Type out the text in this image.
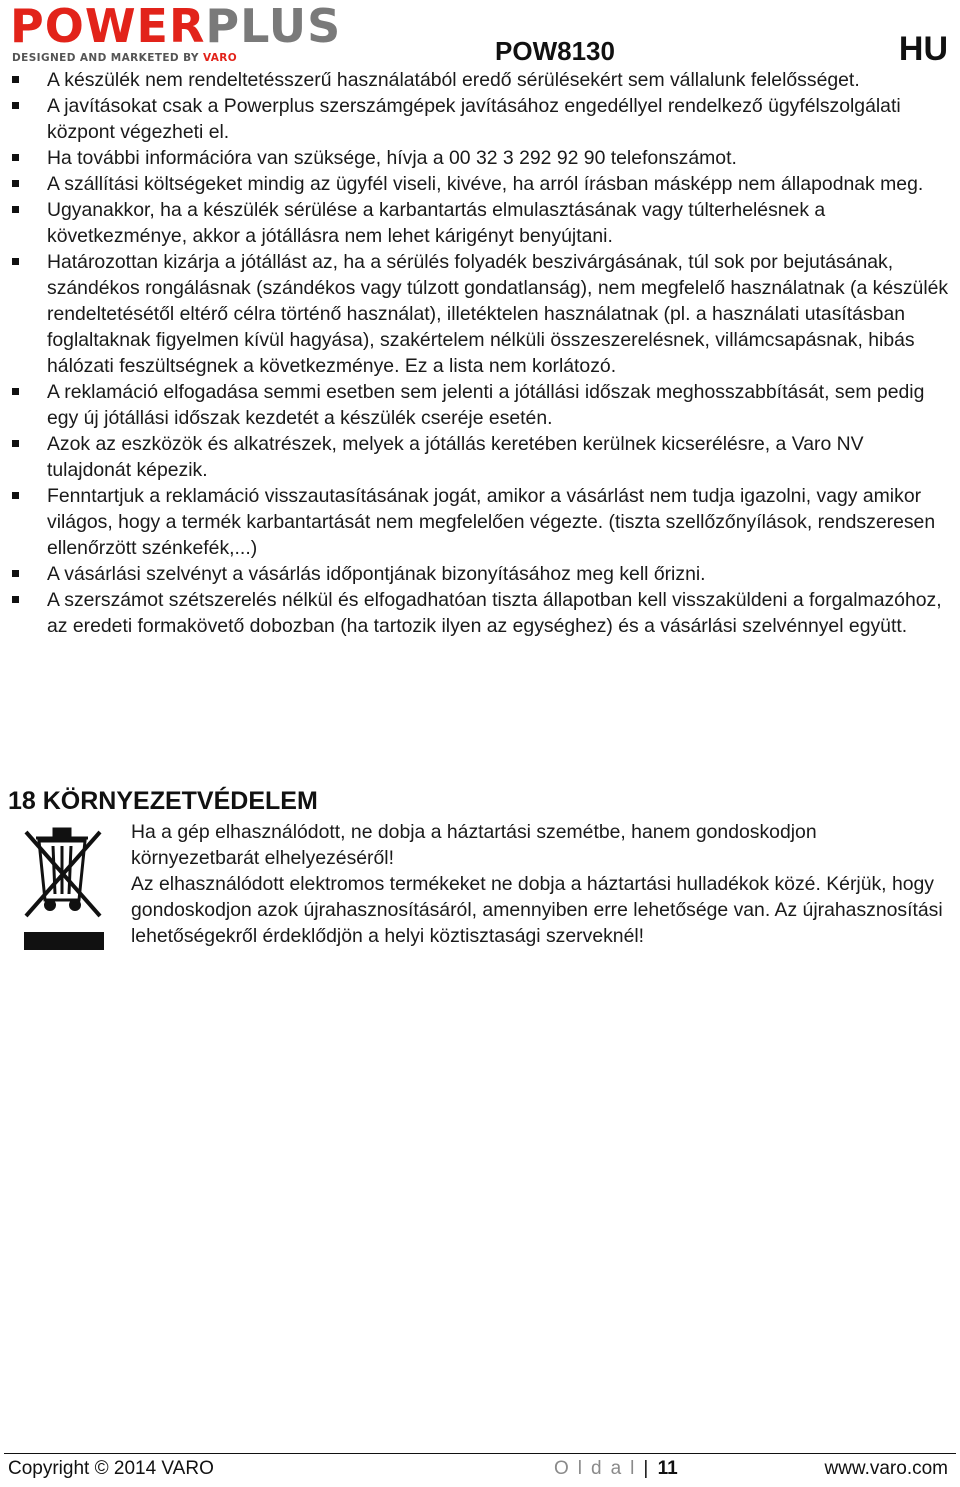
POWERPLUS
DESIGNED AND MARKETED BY VARO	POW8130	HU
A készülék nem rendeltetésszerű használatából eredő sérülésekért sem vállalunk felelősséget.
A javításokat csak a Powerplus szerszámgépek javításához engedéllyel rendelkező ügyfélszolgálati központ végezheti el.
Ha további információra van szüksége, hívja a 00 32 3 292 92 90 telefonszámot.
A szállítási költségeket mindig az ügyfél viseli, kivéve, ha arról írásban másképp nem állapodnak meg.
Ugyanakkor, ha a készülék sérülése a karbantartás elmulasztásának vagy túlterhelésnek a következménye, akkor a jótállásra nem lehet kárigényt benyújtani.
Határozottan kizárja a jótállást az, ha a sérülés folyadék beszivárgásának, túl sok por bejutásának, szándékos rongálásnak (szándékos vagy túlzott gondatlanság), nem megfelelő használatnak (a készülék rendeltetésétől eltérő célra történő használat), illetéktelen használatnak (pl. a használati utasításban foglaltaknak figyelmen kívül hagyása), szakértelem nélküli összeszerelésnek, villámcsapásnak, hibás hálózati feszültségnek a következménye. Ez a lista nem korlátozó.
A reklamáció elfogadása semmi esetben sem jelenti a jótállási időszak meghosszabbítását, sem pedig egy új jótállási időszak kezdetét a készülék cseréje esetén.
Azok az eszközök és alkatrészek, melyek a jótállás keretében kerülnek kicserélésre, a Varo NV tulajdonát képezik.
Fenntartjuk a reklamáció visszautasításának jogát, amikor a vásárlást nem tudja igazolni, vagy amikor világos, hogy a termék karbantartását nem megfelelően végezte. (tiszta szellőzőnyílások, rendszeresen ellenőrzött szénkefék,...)
A vásárlási szelvényt a vásárlás időpontjának bizonyításához meg kell őrizni.
A szerszámot szétszerelés nélkül és elfogadhatóan tiszta állapotban kell visszaküldeni a forgalmazóhoz, az eredeti formakövető dobozban (ha tartozik ilyen az egységhez) és a vásárlási szelvénnyel együtt.
18 KÖRNYEZETVÉDELEM

Ha a gép elhasználódott, ne dobja a háztartási szemétbe, hanem gondoskodjon környezetbarát elhelyezéséről!

Az elhasználódott elektromos termékeket ne dobja a háztartási hulladékok közé. Kérjük, hogy gondoskodjon azok újrahasznosításáról, amennyiben erre lehetősége van. Az újrahasznosítási lehetőségekről érdeklődjön a helyi köztisztasági szerveknél!

Copyright © 2014 VARO	Oldal| 11	www.varo.com
